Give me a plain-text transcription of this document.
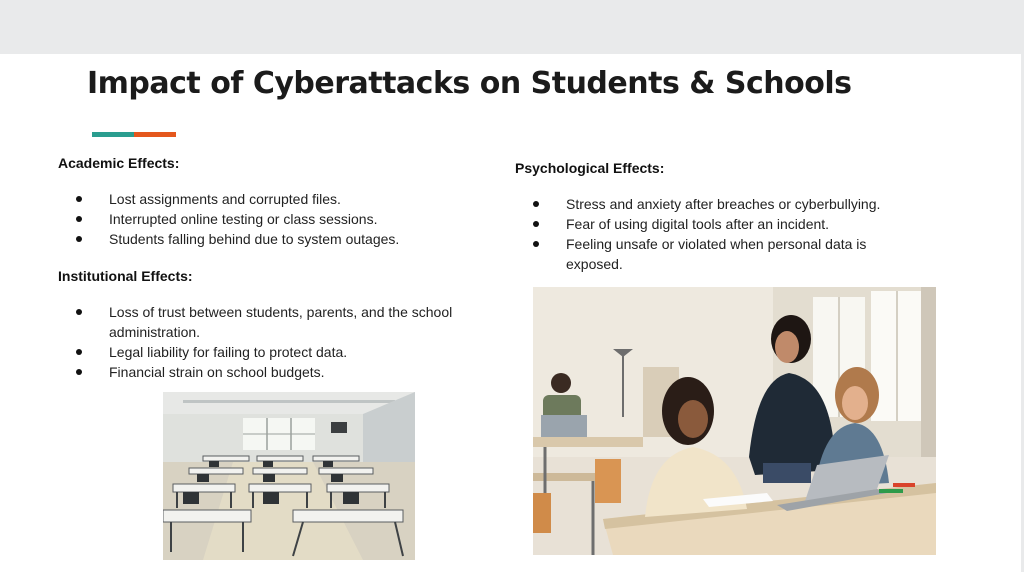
Impact of Cyberattacks on Students & Schools
Academic Effects:
Lost assignments and corrupted files.
Interrupted online testing or class sessions.
Students falling behind due to system outages.
Institutional Effects:
Loss of trust between students, parents, and the school administration.
Legal liability for failing to protect data.
Financial strain on school budgets.
Psychological Effects:
Stress and anxiety after breaches or cyberbullying.
Fear of using digital tools after an incident.
Feeling unsafe or violated when personal data is exposed.
